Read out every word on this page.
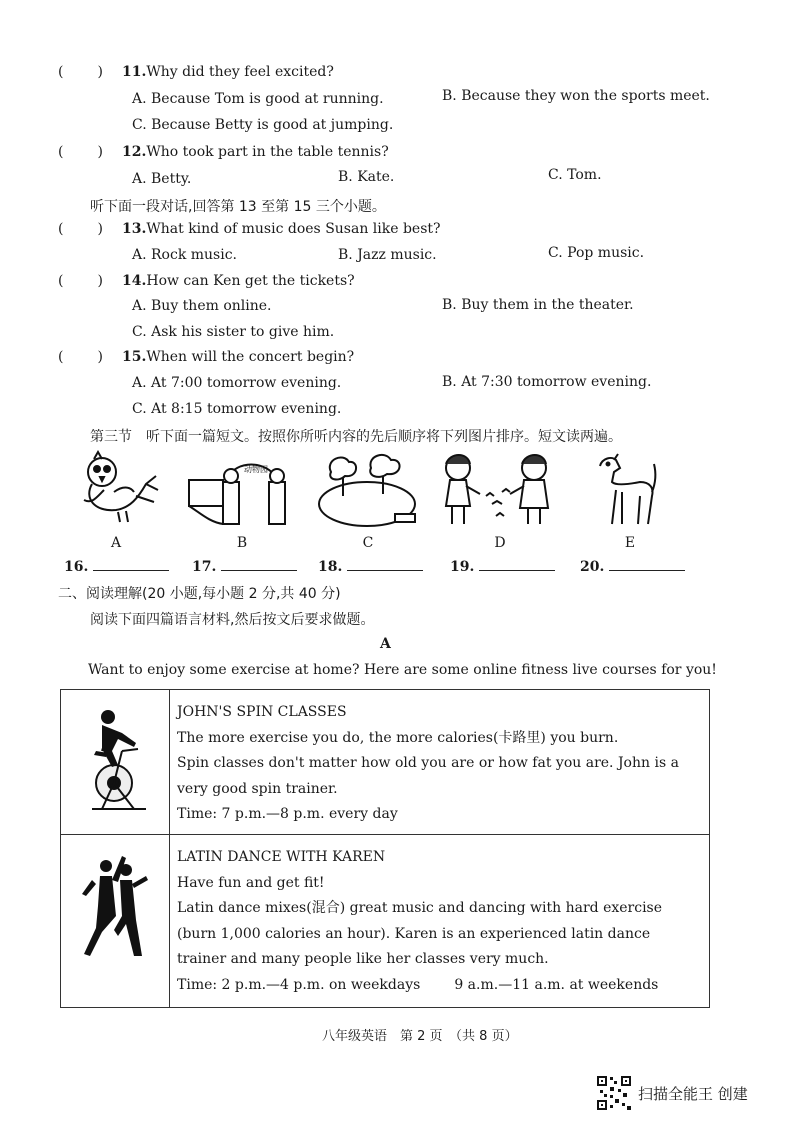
( ) 11.Why did they feel excited?
A. Because Tom is good at running.	B. Because they won the sports meet.
C. Because Betty is good at jumping.
( ) 12.Who took part in the table tennis?
A. Betty.	B. Kate.	C. Tom.
听下面一段对话,回答第 13 至第 15 三个小题。
( ) 13.What kind of music does Susan like best?
A. Rock music.	B. Jazz music.	C. Pop music.
( ) 14.How can Ken get the tickets?
A. Buy them online.	B. Buy them in the theater.
C. Ask his sister to give him.
( ) 15.When will the concert begin?
A. At 7:00 tomorrow evening.	B. At 7:30 tomorrow evening.
C. At 8:15 tomorrow evening.
第三节　听下面一篇短文。按照你所听内容的先后顺序将下列图片排序。短文读两遍。
动物园
A	B	C	D	E
16.	17.	18.	19.	20.
二、阅读理解(20 小题,每小题 2 分,共 40 分)
阅读下面四篇语言材料,然后按文后要求做题。
A
Want to enjoy some exercise at home? Here are some online fitness live courses for you!

JOHN'S SPIN CLASSES
The more exercise you do, the more calories(卡路里) you burn.
Spin classes don't matter how old you are or how fat you are. John is a very good spin trainer.
Time: 7 p.m.—8 p.m. every day

LATIN DANCE WITH KAREN
Have fun and get fit!
Latin dance mixes(混合) great music and dancing with hard exercise (burn 1,000 calories an hour). Karen is an experienced latin dance trainer and many people like her classes very much.
Time: 2 p.m.—4 p.m. on weekdays 9 a.m.—11 a.m. at weekends
八年级英语　第 2 页　（共 8 页）
扫描全能王 创建
